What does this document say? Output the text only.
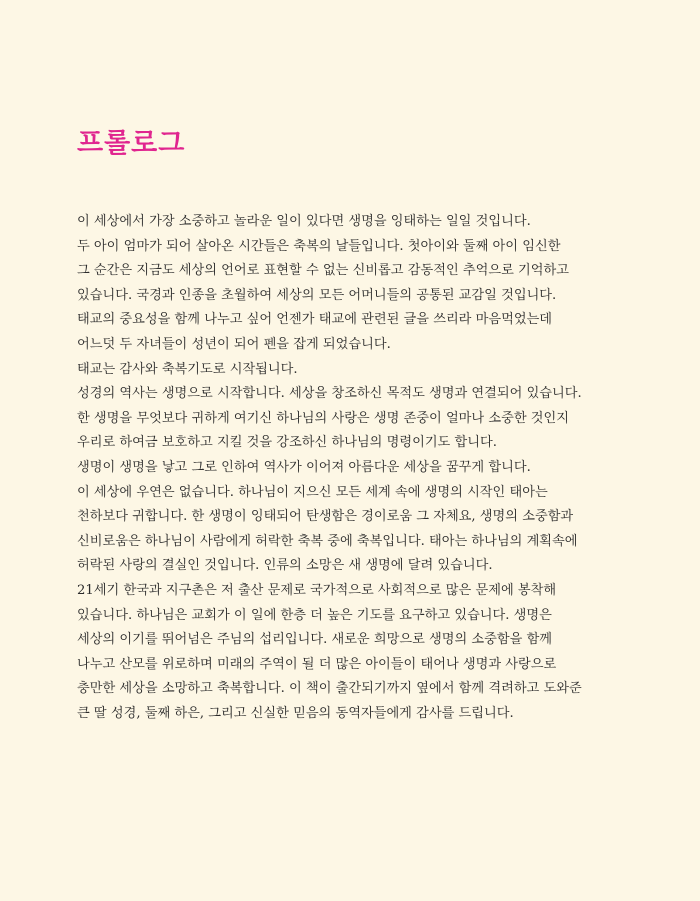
프롤로그
이 세상에서 가장 소중하고 놀라운 일이 있다면 생명을 잉태하는 일일 것입니다.
두 아이 엄마가 되어 살아온 시간들은 축복의 날들입니다. 첫아이와 둘째 아이 임신한
그 순간은 지금도 세상의 언어로 표현할 수 없는 신비롭고 감동적인 추억으로 기억하고
있습니다. 국경과 인종을 초월하여 세상의 모든 어머니들의 공통된 교감일 것입니다.
태교의 중요성을 함께 나누고 싶어 언젠가 태교에 관련된 글을 쓰리라 마음먹었는데
어느덧 두 자녀들이 성년이 되어 펜을 잡게 되었습니다.
태교는 감사와 축복기도로 시작됩니다.
성경의 역사는 생명으로 시작합니다. 세상을 창조하신 목적도 생명과 연결되어 있습니다.
한 생명을 무엇보다 귀하게 여기신 하나님의 사랑은 생명 존중이 얼마나 소중한 것인지
우리로 하여금 보호하고 지킬 것을 강조하신 하나님의 명령이기도 합니다.
생명이 생명을 낳고 그로 인하여 역사가 이어져 아름다운 세상을 꿈꾸게 합니다.
이 세상에 우연은 없습니다. 하나님이 지으신 모든 세계 속에 생명의 시작인 태아는
천하보다 귀합니다. 한 생명이 잉태되어 탄생함은 경이로움 그 자체요, 생명의 소중함과
신비로움은 하나님이 사람에게 허락한 축복 중에 축복입니다. 태아는 하나님의 계획속에
허락된 사랑의 결실인 것입니다. 인류의 소망은 새 생명에 달려 있습니다.
21세기 한국과 지구촌은 저 출산 문제로 국가적으로 사회적으로 많은 문제에 봉착해
있습니다. 하나님은 교회가 이 일에 한층 더 높은 기도를 요구하고 있습니다. 생명은
세상의 이기를 뛰어넘은 주님의 섭리입니다. 새로운 희망으로 생명의 소중함을 함께
나누고 산모를 위로하며 미래의 주역이 될 더 많은 아이들이 태어나 생명과 사랑으로
충만한 세상을 소망하고 축복합니다. 이 책이 출간되기까지 옆에서 함께 격려하고 도와준
큰 딸 성경, 둘째 하은, 그리고 신실한 믿음의 동역자들에게 감사를 드립니다.
